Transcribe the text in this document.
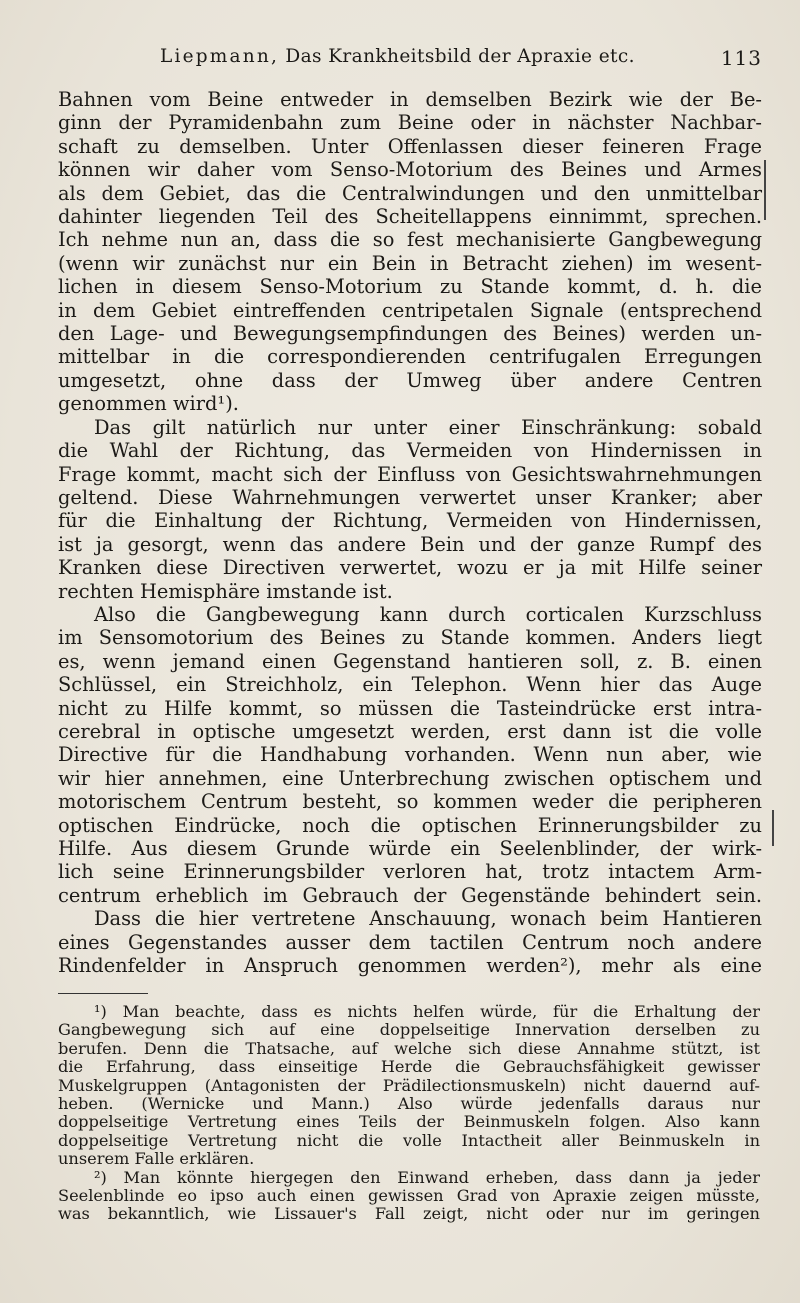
Liepmann, Das Krankheitsbild der Apraxie etc.	113
Bahnen vom Beine entweder in demselben Bezirk wie der Be-
ginn der Pyramidenbahn zum Beine oder in nächster Nachbar-
schaft zu demselben. Unter Offenlassen dieser feineren Frage
können wir daher vom Senso-Motorium des Beines und Armes
als dem Gebiet, das die Centralwindungen und den unmittelbar
dahinter liegenden Teil des Scheitellappens einnimmt, sprechen.
Ich nehme nun an, dass die so fest mechanisierte Gangbewegung
(wenn wir zunächst nur ein Bein in Betracht ziehen) im wesent-
lichen in diesem Senso-Motorium zu Stande kommt, d. h. die
in dem Gebiet eintreffenden centripetalen Signale (entsprechend
den Lage- und Bewegungsempfindungen des Beines) werden un-
mittelbar in die correspondierenden centrifugalen Erregungen
umgesetzt, ohne dass der Umweg über andere Centren
genommen wird¹).
Das gilt natürlich nur unter einer Einschränkung: sobald
die Wahl der Richtung, das Vermeiden von Hindernissen in
Frage kommt, macht sich der Einfluss von Gesichtswahrnehmungen
geltend. Diese Wahrnehmungen verwertet unser Kranker; aber
für die Einhaltung der Richtung, Vermeiden von Hindernissen,
ist ja gesorgt, wenn das andere Bein und der ganze Rumpf des
Kranken diese Directiven verwertet, wozu er ja mit Hilfe seiner
rechten Hemisphäre imstande ist.
Also die Gangbewegung kann durch corticalen Kurzschluss
im Sensomotorium des Beines zu Stande kommen. Anders liegt
es, wenn jemand einen Gegenstand hantieren soll, z. B. einen
Schlüssel, ein Streichholz, ein Telephon. Wenn hier das Auge
nicht zu Hilfe kommt, so müssen die Tasteindrücke erst intra-
cerebral in optische umgesetzt werden, erst dann ist die volle
Directive für die Handhabung vorhanden. Wenn nun aber, wie
wir hier annehmen, eine Unterbrechung zwischen optischem und
motorischem Centrum besteht, so kommen weder die peripheren
optischen Eindrücke, noch die optischen Erinnerungsbilder zu
Hilfe. Aus diesem Grunde würde ein Seelenblinder, der wirk-
lich seine Erinnerungsbilder verloren hat, trotz intactem Arm-
centrum erheblich im Gebrauch der Gegenstände behindert sein.
Dass die hier vertretene Anschauung, wonach beim Hantieren
eines Gegenstandes ausser dem tactilen Centrum noch andere
Rindenfelder in Anspruch genommen werden²), mehr als eine
¹) Man beachte, dass es nichts helfen würde, für die Erhaltung der
Gangbewegung sich auf eine doppelseitige Innervation derselben zu
berufen. Denn die Thatsache, auf welche sich diese Annahme stützt, ist
die Erfahrung, dass einseitige Herde die Gebrauchsfähigkeit gewisser
Muskelgruppen (Antagonisten der Prädilectionsmuskeln) nicht dauernd auf-
heben. (Wernicke und Mann.) Also würde jedenfalls daraus nur
doppelseitige Vertretung eines Teils der Beinmuskeln folgen. Also kann
doppelseitige Vertretung nicht die volle Intactheit aller Beinmuskeln in
unserem Falle erklären.
²) Man könnte hiergegen den Einwand erheben, dass dann ja jeder
Seelenblinde eo ipso auch einen gewissen Grad von Apraxie zeigen müsste,
was bekanntlich, wie Lissauer's Fall zeigt, nicht oder nur im geringen
